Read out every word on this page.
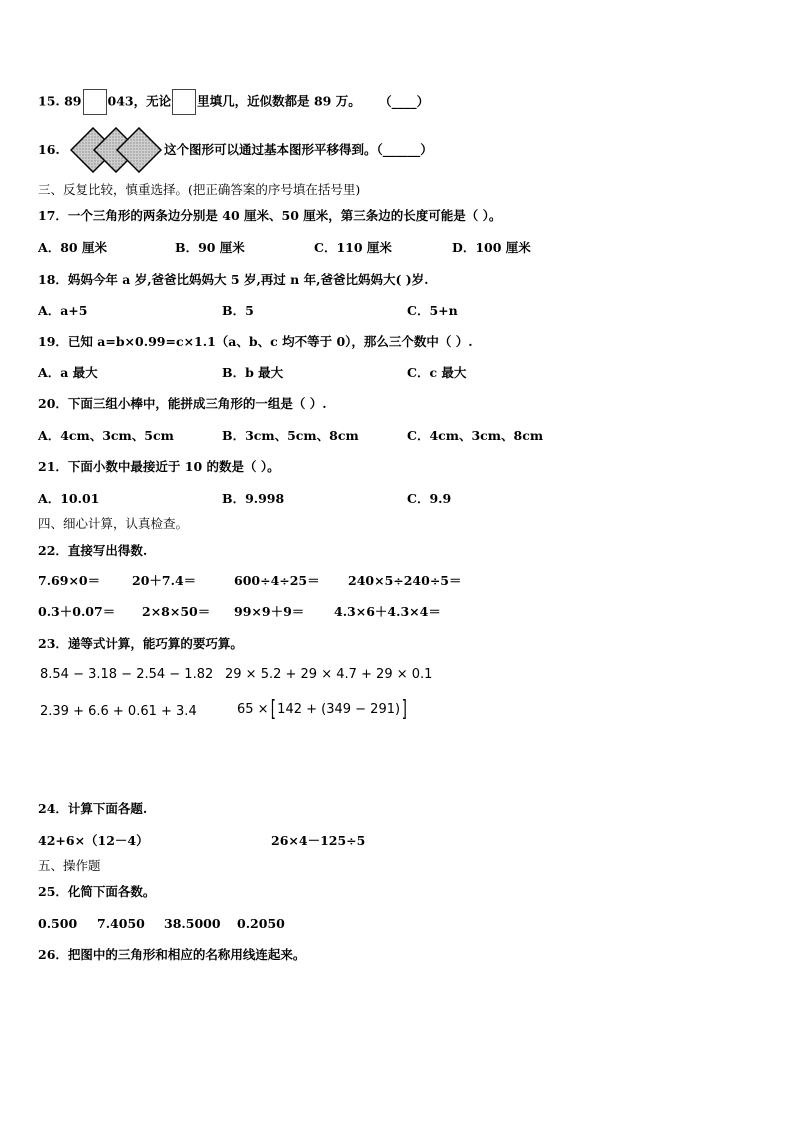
15. 89 043，无论 里填几，近似数都是 89 万。 （____）
16.	这个图形可以通过基本图形平移得到。（______）
三、反复比较，慎重选择。(把正确答案的序号填在括号里)
17．一个三角形的两条边分别是 40 厘米、50 厘米，第三条边的长度可能是（ ）。
A．80 厘米	B．90 厘米	C．110 厘米	D．100 厘米
18．妈妈今年 a 岁,爸爸比妈妈大 5 岁,再过 n 年,爸爸比妈妈大( )岁.
A．a+5	B．5	C．5+n
19．已知 a=b×0.99=c×1.1（a、b、c 均不等于 0），那么三个数中（ ）.
A．a 最大	B．b 最大	C．c 最大
20．下面三组小棒中，能拼成三角形的一组是（ ）.
A．4cm、3cm、5cm	B．3cm、5cm、8cm	C．4cm、3cm、8cm
21．下面小数中最接近于 10 的数是（ ）。
A．10.01	B．9.998	C．9.9
四、细心计算，认真检查。
22．直接写出得数.
7.69×0＝	20＋7.4＝	600÷4÷25＝ 240×5÷240÷5＝
0.3＋0.07＝ 2×8×50＝ 99×9＋9＝ 4.3×6＋4.3×4＝
23．递等式计算，能巧算的要巧算。
8.54 − 3.18 − 2.54 − 1.82 29 × 5.2 + 29 × 4.7 + 29 × 0.1
2.39 + 6.6 + 0.61 + 3.4	65 ×[ 142 + (349 − 291)]
24．计算下面各题.
42+6×（12－4）	26×4－125÷5
五、操作题
25．化简下面各数。
0.500 7.4050 38.5000 0.2050
26．把图中的三角形和相应的名称用线连起来。
